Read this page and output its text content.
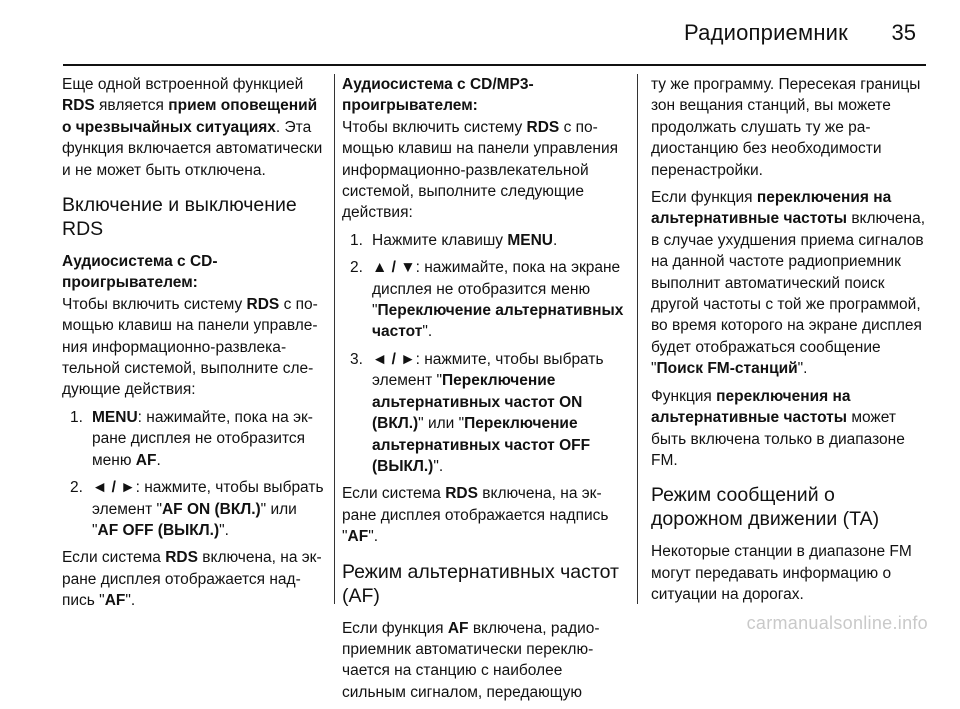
Радиоприемник 35

Еще одной встроенной функцией RDS является прием оповещений о чрезвычайных ситуациях. Эта функция включается автоматически и не может быть отключена.

Включение и выключение RDS

Аудиосистема с CD-проигрывателем:

Чтобы включить систему RDS с помощью клавиш на панели управления информационно-развлекательной системой, выполните следующие действия:

1. MENU: нажимайте, пока на экране дисплея не отобразится меню AF.
2. ◄ / ►: нажмите, чтобы выбрать элемент "AF ON (ВКЛ.)" или "AF OFF (ВЫКЛ.)".

Если система RDS включена, на экране дисплея отображается надпись "AF".

Аудиосистема с CD/MP3-проигрывателем:

Чтобы включить систему RDS с помощью клавиш на панели управления информационно-развлекательной системой, выполните следующие действия:

1. Нажмите клавишу MENU.
2. ▲ / ▼: нажимайте, пока на экране дисплея не отобразится меню "Переключение альтернативных частот".
3. ◄ / ►: нажмите, чтобы выбрать элемент "Переключение альтернативных частот ON (ВКЛ.)" или "Переключение альтернативных частот OFF (ВЫКЛ.)".

Если система RDS включена, на экране дисплея отображается надпись "AF".

Режим альтернативных частот (AF)

Если функция AF включена, радиоприемник автоматически переключается на станцию с наиболее сильным сигналом, передающую

ту же программу. Пересекая границы зон вещания станций, вы можете продолжать слушать ту же радиостанцию без необходимости перенастройки.

Если функция переключения на альтернативные частоты включена, в случае ухудшения приема сигналов на данной частоте радиоприемник выполнит автоматический поиск другой частоты с той же программой, во время которого на экране дисплея будет отображаться сообщение "Поиск FM-станций".

Функция переключения на альтернативные частоты может быть включена только в диапазоне FM.

Режим сообщений о дорожном движении (TA)

Некоторые станции в диапазоне FM могут передавать информацию о ситуации на дорогах.

carmanualsonline.info
